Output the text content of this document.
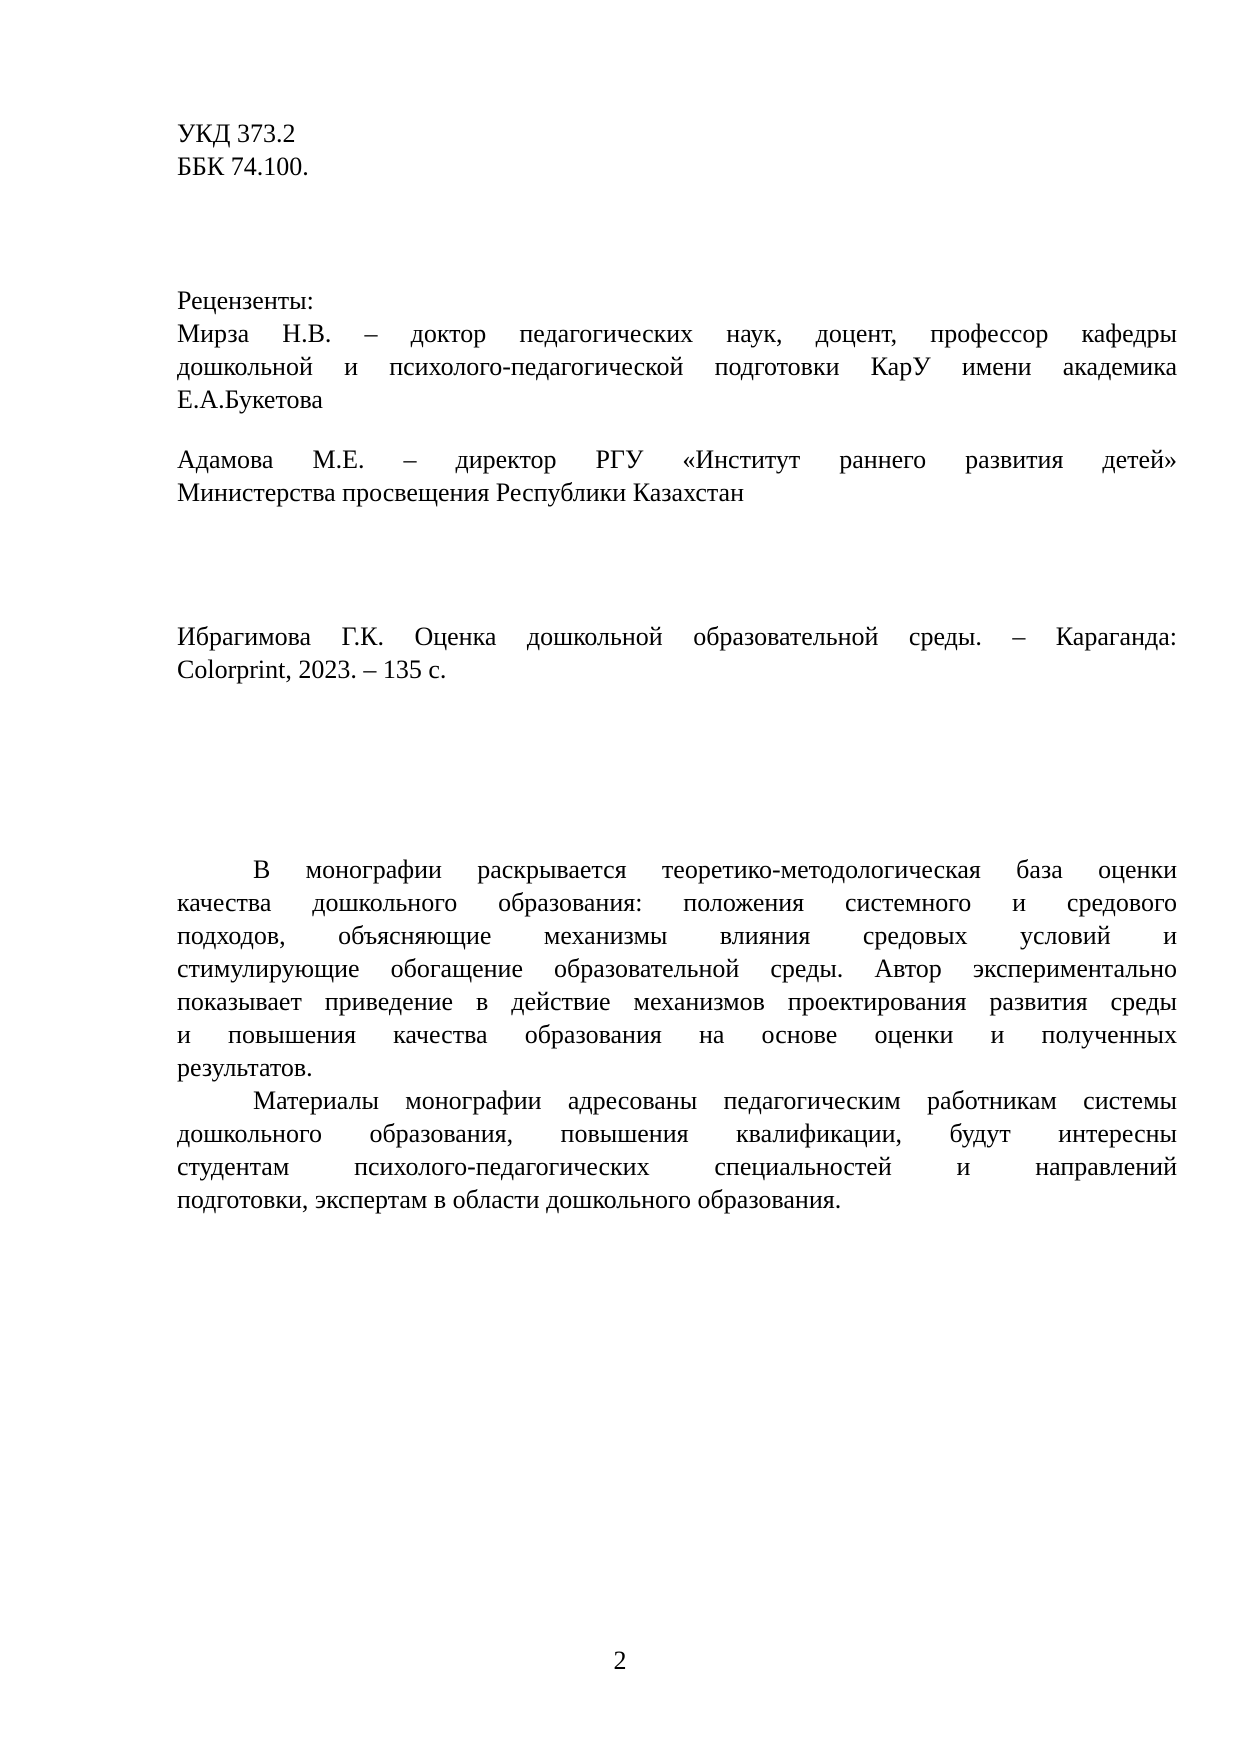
УКД 373.2
ББК 74.100.
Рецензенты:
Мирза Н.В. – доктор педагогических наук, доцент, профессор кафедры
дошкольной и психолого-педагогической подготовки КарУ имени академика
Е.А.Букетова
Адамова М.Е. – директор РГУ «Институт раннего развития детей»
Министерства просвещения Республики Казахстан
Ибрагимова Г.К. Оценка дошкольной образовательной среды. – Караганда:
Colorprint, 2023. – 135 с.
В монографии раскрывается теоретико-методологическая база оценки
качества дошкольного образования: положения системного и средового
подходов, объясняющие механизмы влияния средовых условий и
стимулирующие обогащение образовательной среды. Автор экспериментально
показывает приведение в действие механизмов проектирования развития среды
и повышения качества образования на основе оценки и полученных
результатов.
Материалы монографии адресованы педагогическим работникам системы
дошкольного образования, повышения квалификации, будут интересны
студентам психолого-педагогических специальностей и направлений
подготовки, экспертам в области дошкольного образования.
2
